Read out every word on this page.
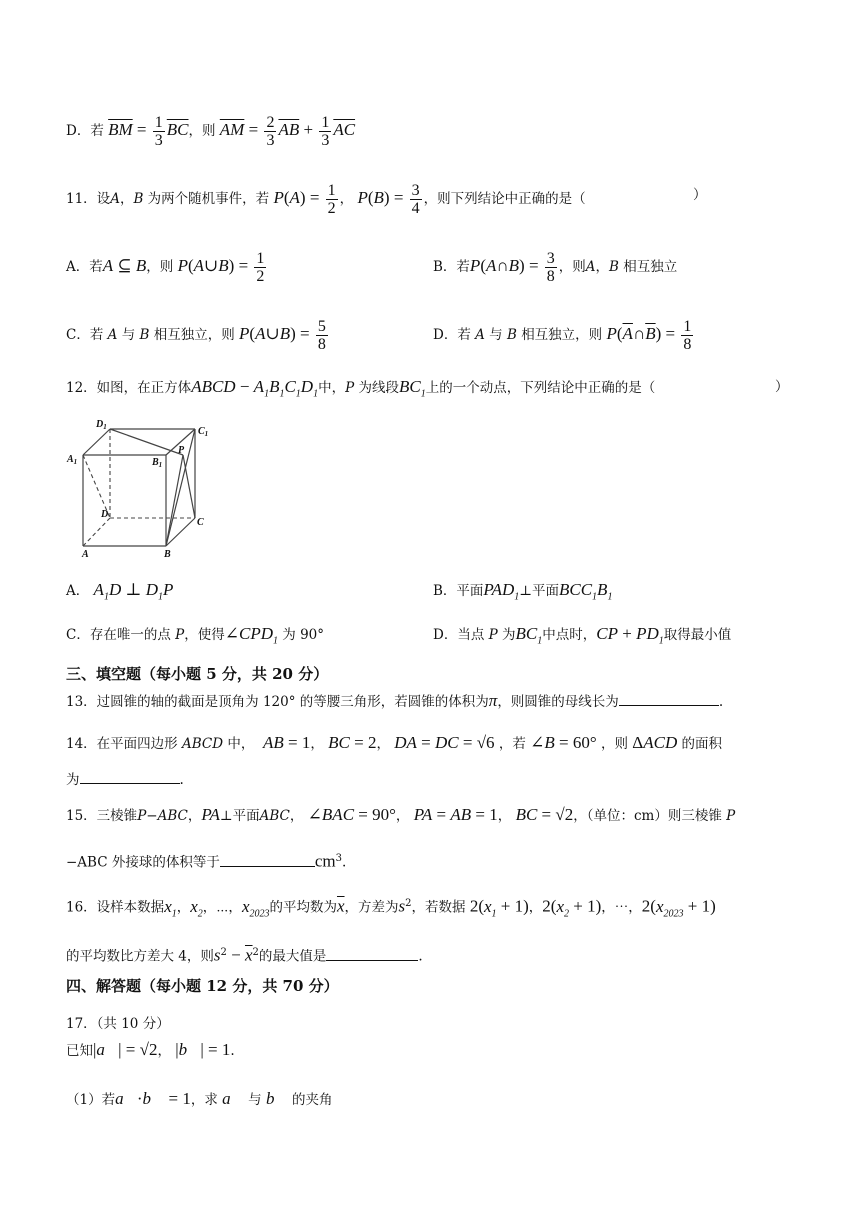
D．若 $\overline{BM} = \frac{1}{3} \overline{BC}$，则 $\overline{AM} = \frac{2}{3} \overline{AB} + \frac{1}{3} \overline{AC}$
11．设A，B 为两个随机事件，若 $P(A) = \frac{1}{2}$ ， $P(B) = \frac{3}{4}$ ，则下列结论中正确的是（	）
A．若A ⊆ B，则 P(A∪B) = $\frac{1}{2}$	B．若P(A∩B) = $\frac{3}{8}$ ，则A，B 相互独立
C．若 A 与 B 相互独立，则 P(A∪B) = $\frac{5}{8}$	D．若 A 与 B 相互独立，则 $P(\overline{A}\cap\overline{B}) = \frac{1}{8}$
12．如图，在正方体ABCD − $A_1B_1C_1D_1$中，P 为线段$BC_1$上的一个动点，下列结论中正确的是（	）
$D_1$	$C_1$
$A_1$	$B_1$
P
D
C
A	B
A． $A_1D$ ⊥ $D_1P$	B．平面$PAD_1\perp$平面$BCC_1B_1$
C．存在唯一的点 P，使得$\angle CPD_1$ 为 90°	D．当点 P 为$BC_1$中点时，CP + $PD_1$取得最小值
三、填空题（每小题 5 分，共 20 分）
13．过圆锥的轴的截面是顶角为 120° 的等腰三角形，若圆锥的体积为π，则圆锥的母线长为	.
14．在平面四边形 ABCD 中， AB = 1， BC = 2， DA = DC = √6 ，若 ∠B = 60° ，则 ΔACD 的面积
为	.
15．三棱锥P−ABC，PA⊥平面ABC， ∠BAC = 90°， PA = AB = 1， BC = √2，（单位：cm）则三棱锥 P
−ABC 外接球的体积等于	$cm^3$.
16．设样本数据$x_1$，$x_2$，⋯，$x_{2023}$的平均数为$\overline{x}$，方差为$s^2$，若数据 $2(x_1 + 1)$，$2(x_2 + 1)$，⋯，$2(x_{2023} + 1)$
的平均数比方差大 4，则$s^2 - \overline{x}^2$的最大值是	.
四、解答题（每小题 12 分，共 70 分）
17．（共 10 分）
已知|a⃗| = √2， |b⃗| = 1.
（1）若a⃗·b⃗ = 1，求 a⃗ 与 b⃗ 的夹角
